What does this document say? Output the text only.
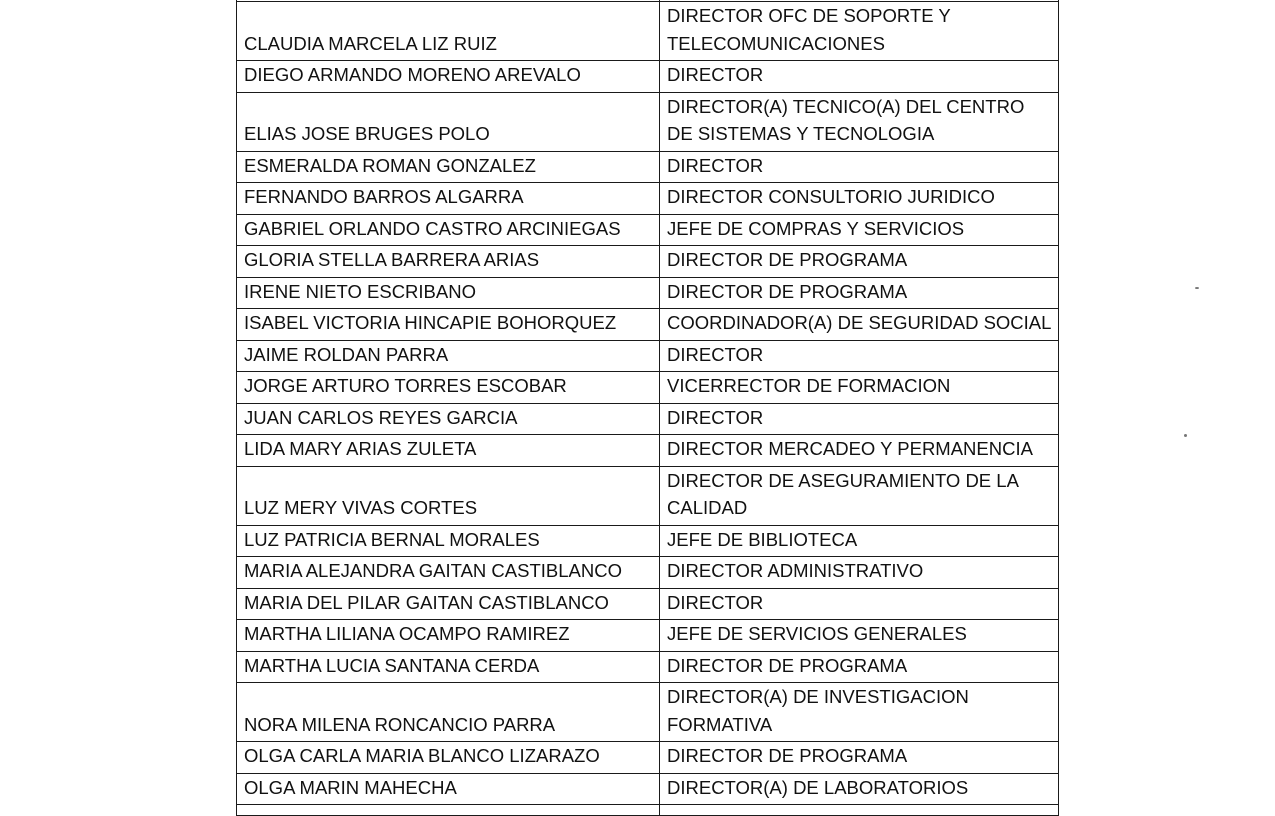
CLAUDIA MARCELA LIZ RUIZ	DIRECTOR OFC DE SOPORTE Y TELECOMUNICACIONES
DIEGO ARMANDO MORENO AREVALO	DIRECTOR
ELIAS JOSE BRUGES POLO	DIRECTOR(A) TECNICO(A) DEL CENTRO DE SISTEMAS Y TECNOLOGIA
ESMERALDA ROMAN GONZALEZ	DIRECTOR
FERNANDO BARROS ALGARRA	DIRECTOR CONSULTORIO JURIDICO
GABRIEL ORLANDO CASTRO ARCINIEGAS	JEFE DE COMPRAS Y SERVICIOS
GLORIA STELLA BARRERA ARIAS	DIRECTOR DE PROGRAMA
IRENE NIETO ESCRIBANO	DIRECTOR DE PROGRAMA
ISABEL VICTORIA HINCAPIE BOHORQUEZ	COORDINADOR(A) DE SEGURIDAD SOCIAL
JAIME ROLDAN PARRA	DIRECTOR
JORGE ARTURO TORRES ESCOBAR	VICERRECTOR DE FORMACION
JUAN CARLOS REYES GARCIA	DIRECTOR
LIDA MARY ARIAS ZULETA	DIRECTOR MERCADEO Y PERMANENCIA
LUZ MERY VIVAS CORTES	DIRECTOR DE ASEGURAMIENTO DE LA CALIDAD
LUZ PATRICIA BERNAL MORALES	JEFE DE BIBLIOTECA
MARIA ALEJANDRA GAITAN CASTIBLANCO	DIRECTOR ADMINISTRATIVO
MARIA DEL PILAR GAITAN CASTIBLANCO	DIRECTOR
MARTHA LILIANA OCAMPO RAMIREZ	JEFE DE SERVICIOS GENERALES
MARTHA LUCIA SANTANA CERDA	DIRECTOR DE PROGRAMA
NORA MILENA RONCANCIO PARRA	DIRECTOR(A) DE INVESTIGACION FORMATIVA
OLGA CARLA MARIA BLANCO LIZARAZO	DIRECTOR DE PROGRAMA
OLGA MARIN MAHECHA	DIRECTOR(A) DE LABORATORIOS
